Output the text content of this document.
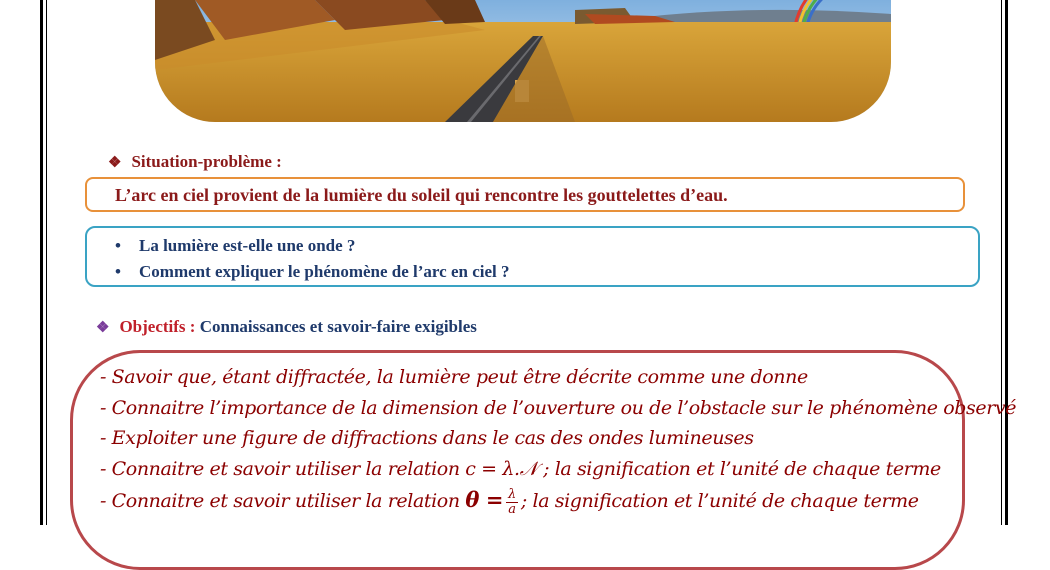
❖ Situation-problème :
L’arc en ciel provient de la lumière du soleil qui rencontre les gouttelettes d’eau.
• La lumière est-elle une onde ?
• Comment expliquer le phénomène de l’arc en ciel ?
❖ Objectifs : Connaissances et savoir-faire exigibles
- Savoir que, étant diffractée, la lumière peut être décrite comme une donne
- Connaitre l’importance de la dimension de l’ouverture ou de l’obstacle sur le phénomène observé
- Exploiter une figure de diffractions dans le cas des ondes lumineuses
- Connaitre et savoir utiliser la relation c = λ.𝒩 ; la signification et l’unité de chaque terme
- Connaitre et savoir utiliser la relation $\theta = \frac{\lambda}{a}$ ; la signification et l’unité de chaque terme
